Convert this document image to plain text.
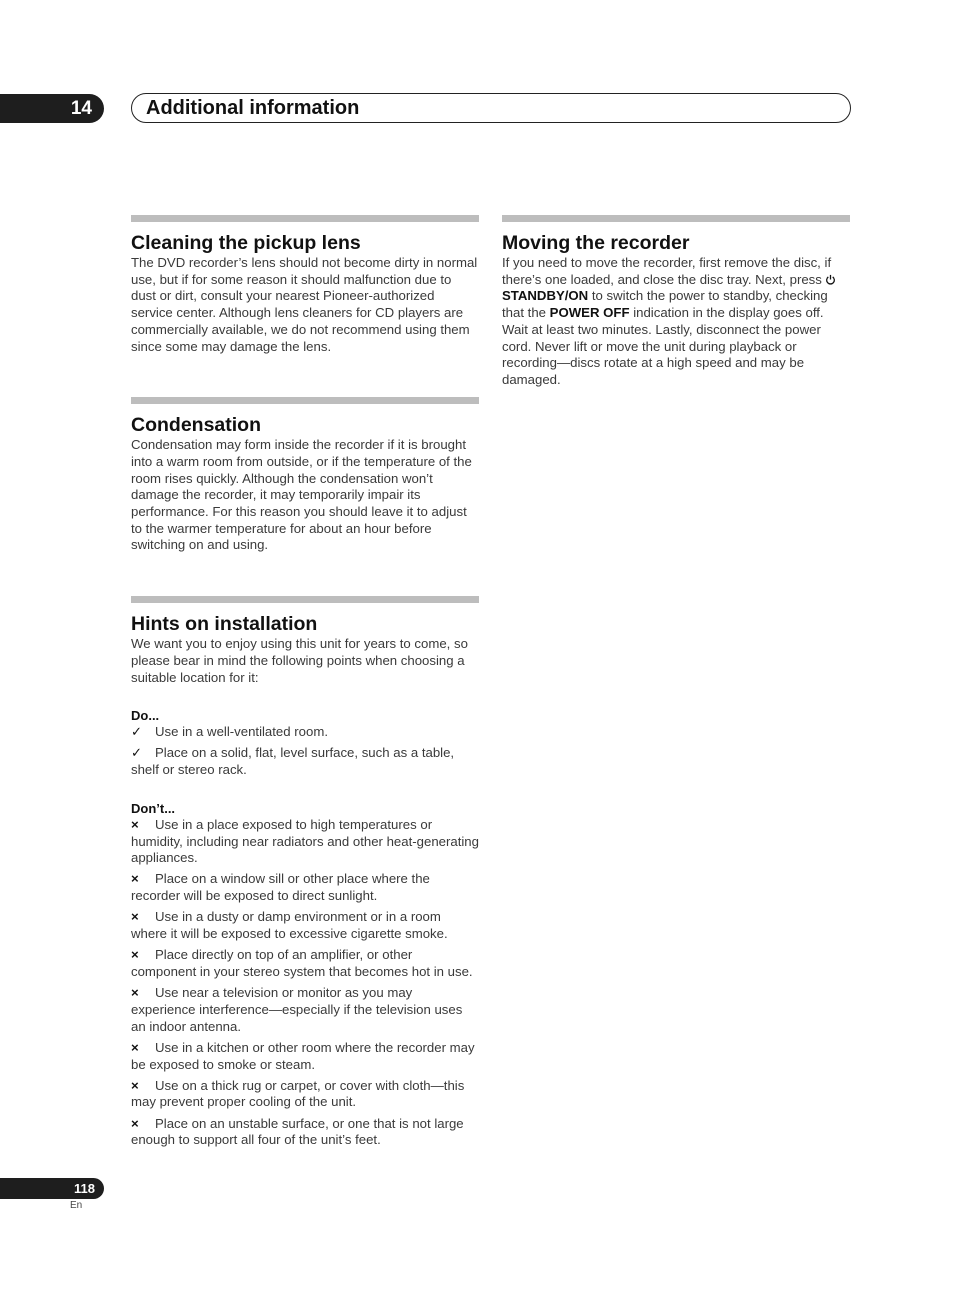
14	Additional information
Cleaning the pickup lens

The DVD recorder’s lens should not become dirty in normal use, but if for some reason it should malfunction due to dust or dirt, consult your nearest Pioneer-authorized service center. Although lens cleaners for CD players are commercially available, we do not recommend using them since some may damage the lens.

Condensation

Condensation may form inside the recorder if it is brought into a warm room from outside, or if the temperature of the room rises quickly. Although the condensation won’t damage the recorder, it may temporarily impair its performance. For this reason you should leave it to adjust to the warmer temperature for about an hour before switching on and using.

Hints on installation

We want you to enjoy using this unit for years to come, so please bear in mind the following points when choosing a suitable location for it:

Do...
✓ Use in a well-ventilated room.
✓ Place on a solid, flat, level surface, such as a table, shelf or stereo rack.
Don’t...
× Use in a place exposed to high temperatures or humidity, including near radiators and other heat-generating appliances.
× Place on a window sill or other place where the recorder will be exposed to direct sunlight.
× Use in a dusty or damp environment or in a room where it will be exposed to excessive cigarette smoke.
× Place directly on top of an amplifier, or other component in your stereo system that becomes hot in use.
× Use near a television or monitor as you may experience interference—especially if the television uses an indoor antenna.
× Use in a kitchen or other room where the recorder may be exposed to smoke or steam.
× Use on a thick rug or carpet, or cover with cloth—this may prevent proper cooling of the unit.
× Place on an unstable surface, or one that is not large enough to support all four of the unit’s feet.
Moving the recorder

If you need to move the recorder, first remove the disc, if there’s one loaded, and close the disc tray. Next, press STANDBY/ON to switch the power to standby, checking that the POWER OFF indication in the display goes off. Wait at least two minutes. Lastly, disconnect the power cord. Never lift or move the unit during playback or recording—discs rotate at a high speed and may be damaged.

118
En
